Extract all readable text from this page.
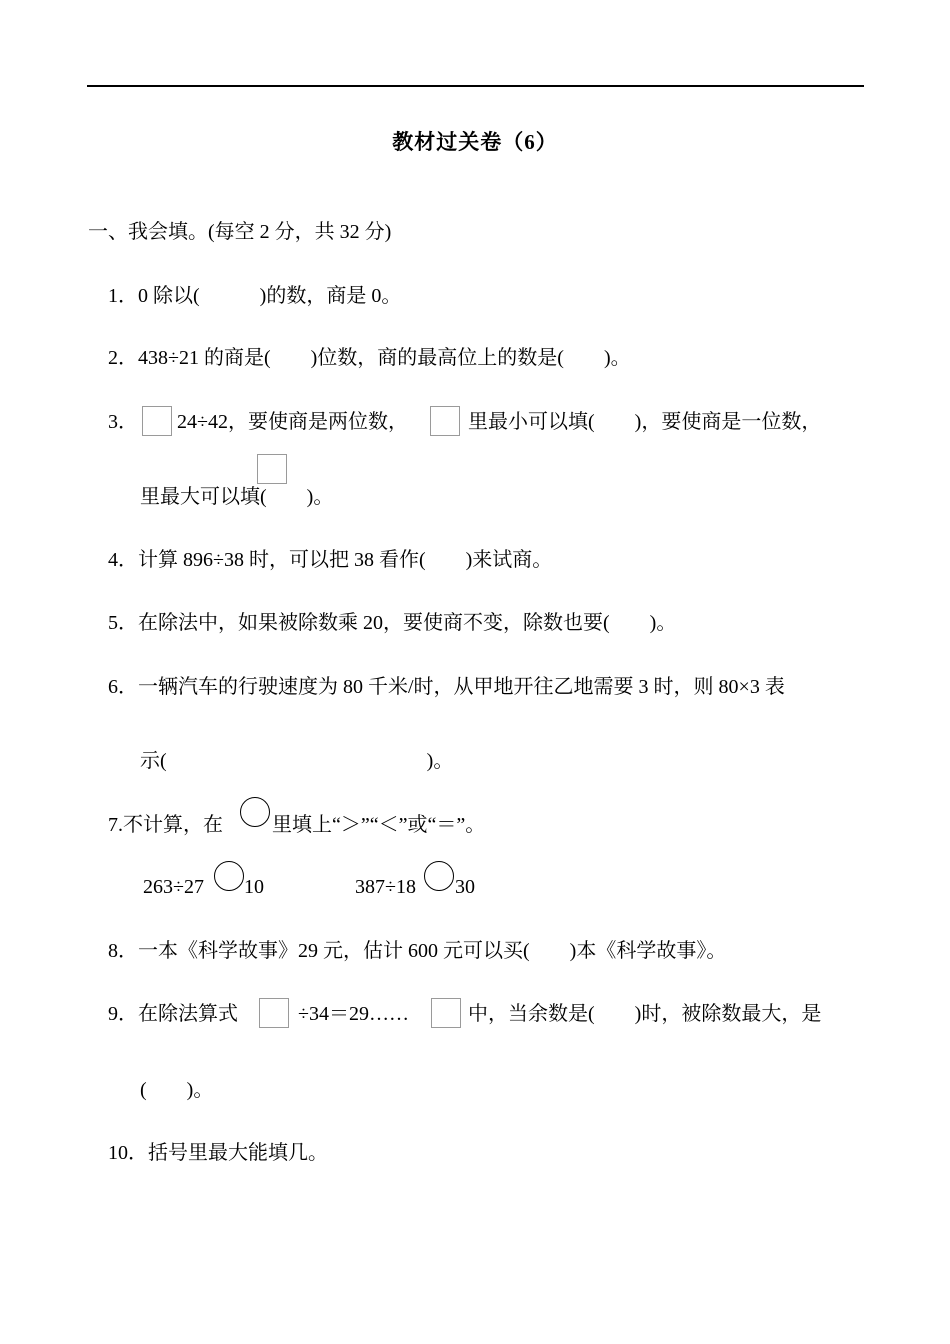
教材过关卷（6）
一、我会填。(每空 2 分，共 32 分)
1．0 除以(　　　)的数，商是 0。
2．438÷21 的商是(　　)位数，商的最高位上的数是(　　)。
3． 24÷42，要使商是两位数，	里最小可以填(　　)，要使商是一位数，
里最大可以填(　　)。
4．计算 896÷38 时，可以把 38 看作(　　)来试商。
5．在除法中，如果被除数乘 20，要使商不变，除数也要(　　)。
6．一辆汽车的行驶速度为 80 千米/时，从甲地开往乙地需要 3 时，则 80×3 表
示(　　　　　　　　　　　　　)。
7.不计算，在 里填上“＞”“＜”或“＝”。
263÷27 10	387÷18 30
8．一本《科学故事》29 元，估计 600 元可以买(　　)本《科学故事》。
9．在除法算式	÷34＝29……	中，当余数是(　　)时，被除数最大，是
(　　)。
10．括号里最大能填几。
